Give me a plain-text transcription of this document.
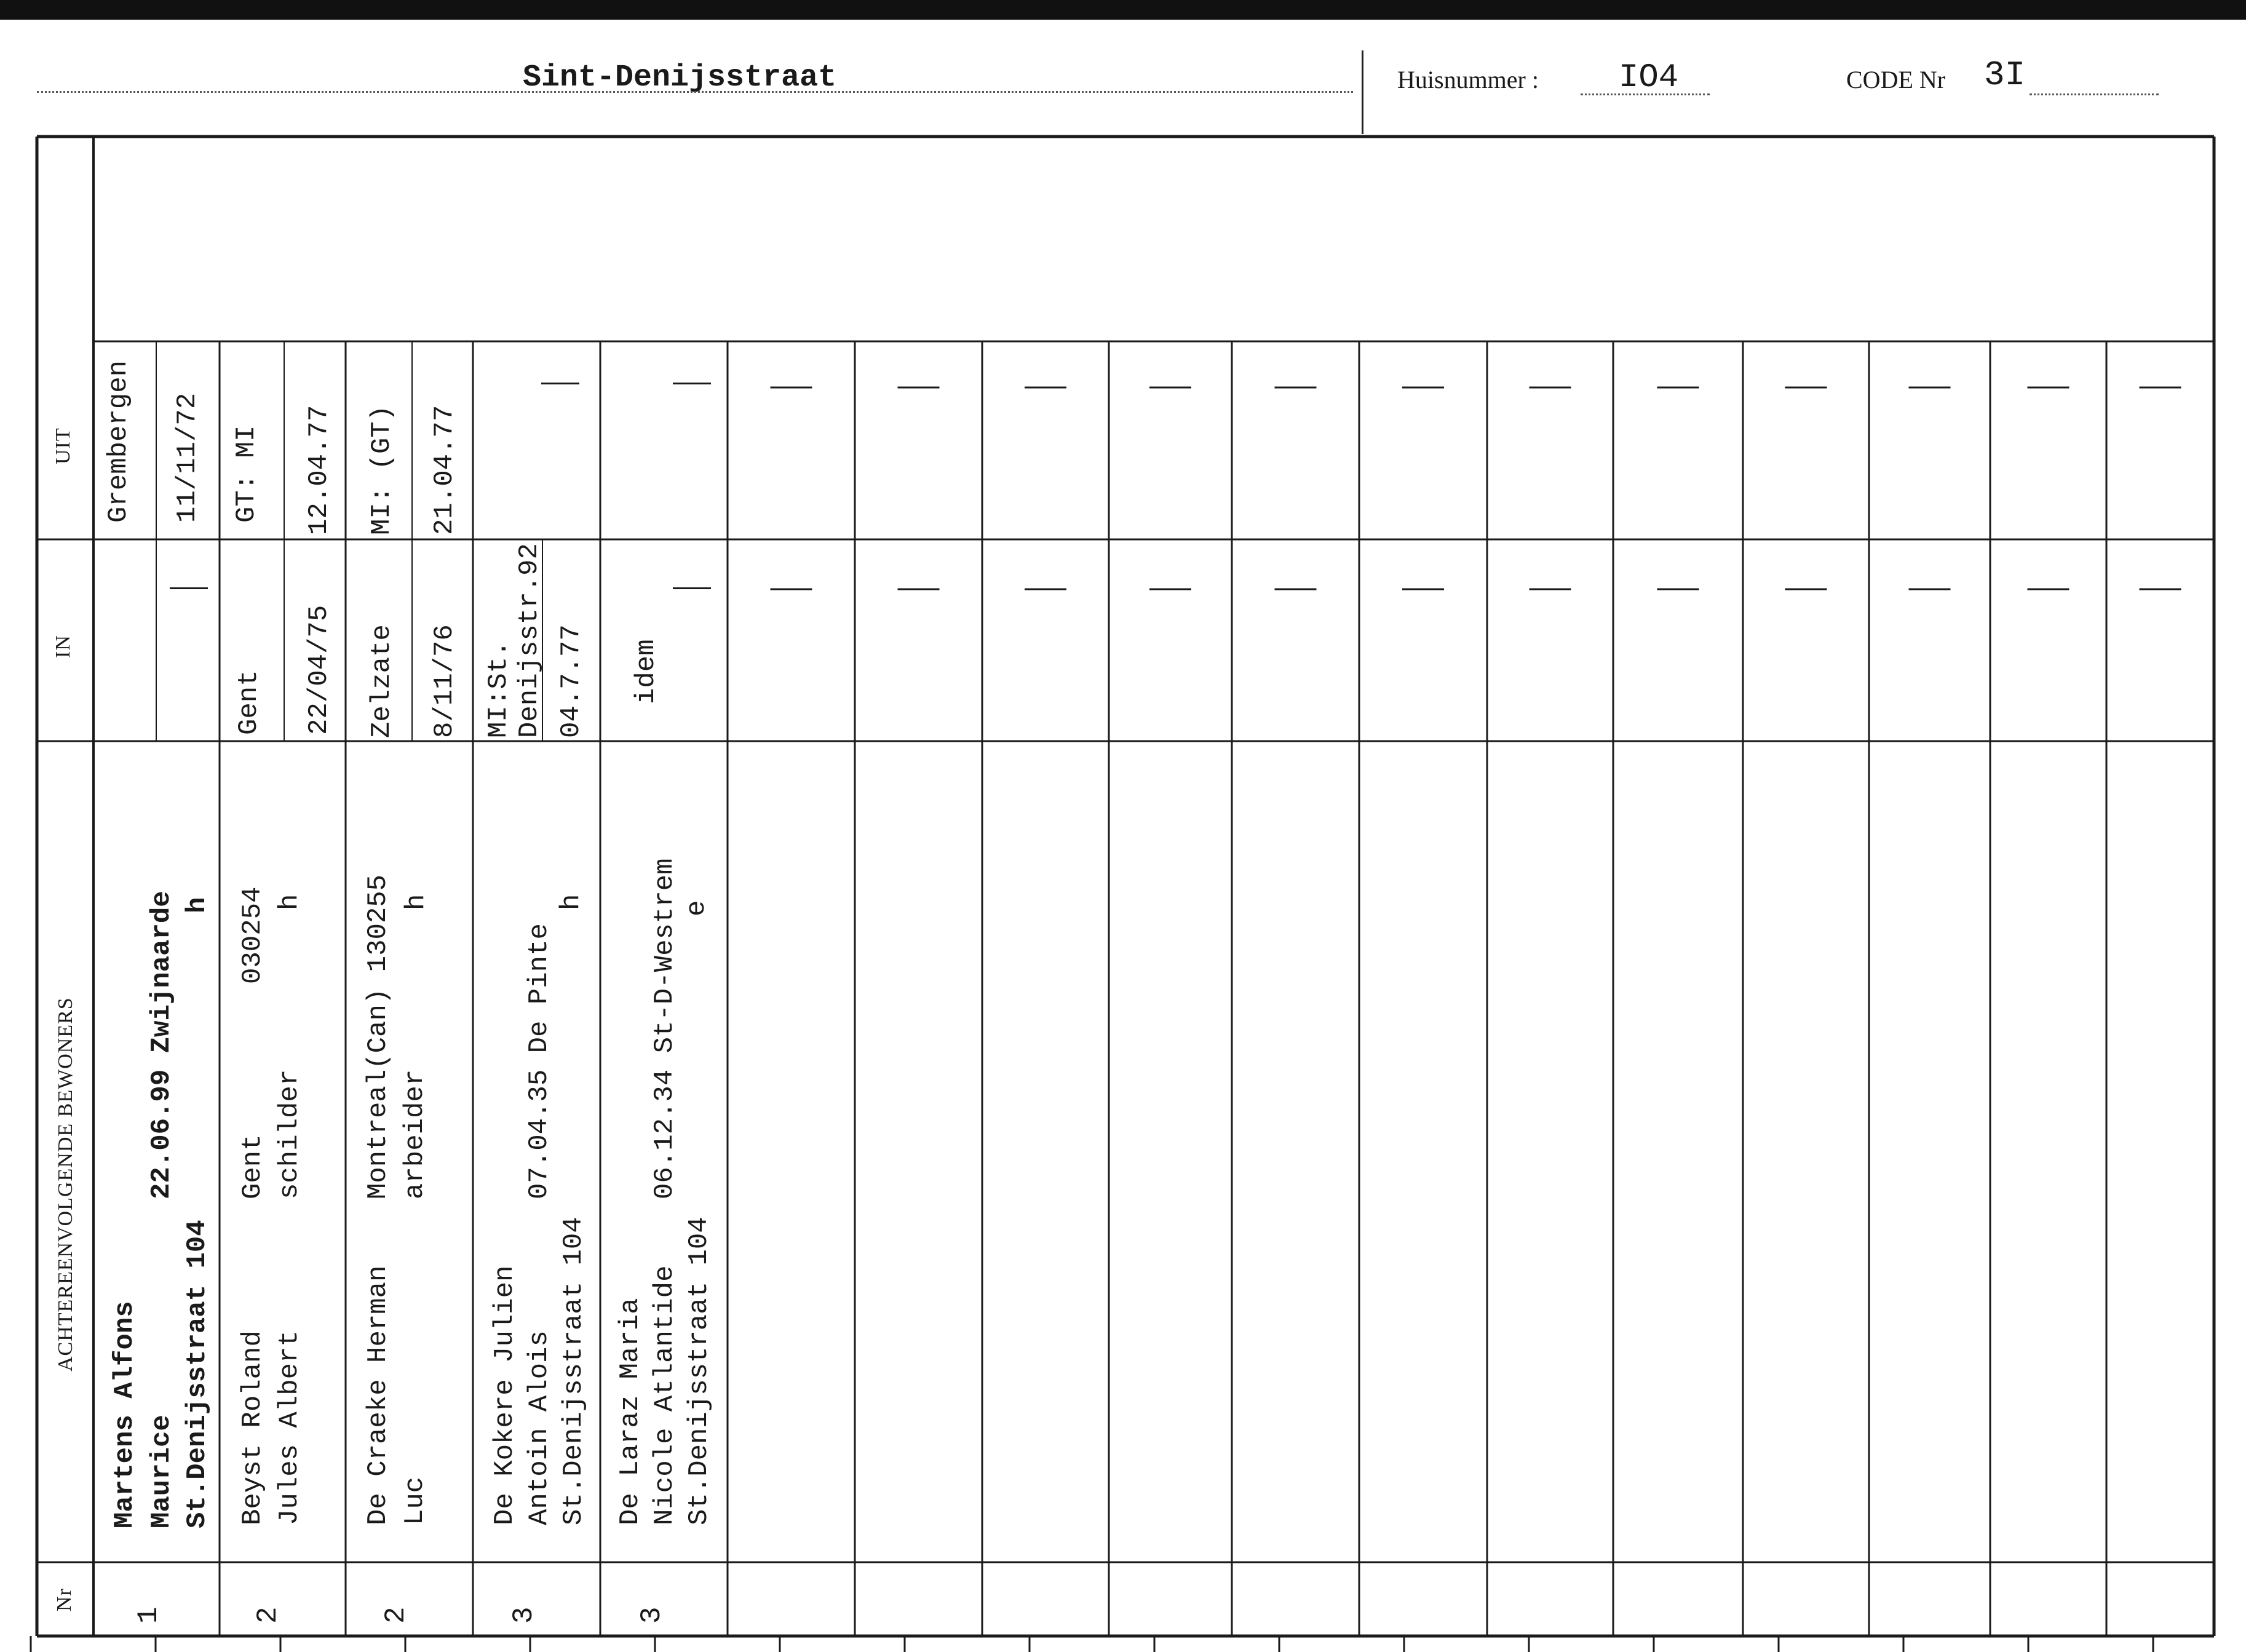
Sint-Denijsstraat	Huisnummer : IO4	CODE Nr 3I
UIT
IN
ACHTEREENVOLGENDE BEWONERS
Nr
1
Martens Alfons Maurice St.Denijsstraat 104
22.06.99 Zwijnaarde h
Grembergen 11/11/72
2
Beyst Roland Jules Albert
Gent schilder
030254 h
GT: MI 12.04.77
Gent 22/04/75
2
De Craeke Herman Luc
Montreal(Can) 130255 arbeider
h
MI: (GT) 21.04.77
Zelzate 8/11/76
3
De Kokere Julien Antoin Alois St.Denijsstraat 104
07.04.35 De Pinte
h
MI:St. Denijsstr.92 04.7.77
3
De Laraz Maria Nicole Atlantide St.Denijsstraat 104
06.12.34 St-D-Westrem e
idem
